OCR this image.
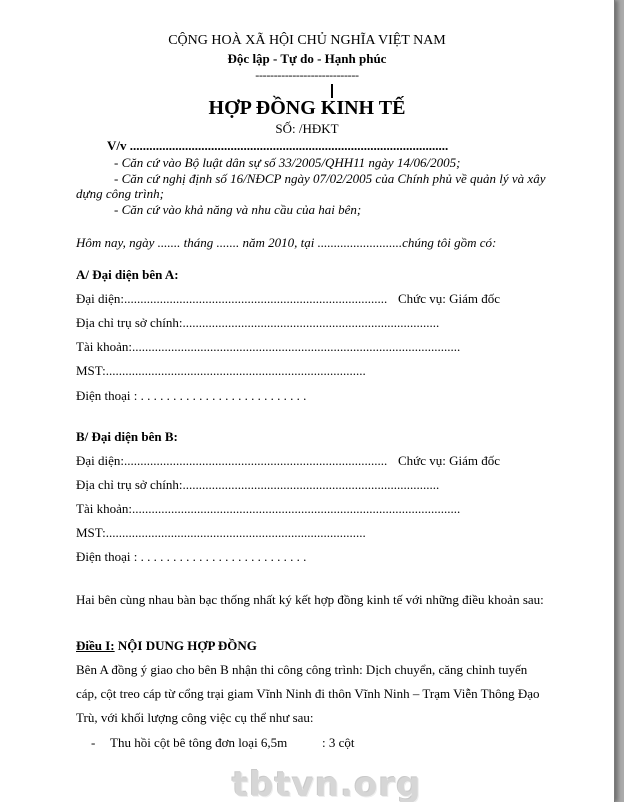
CỘNG HOÀ XÃ HỘI CHỦ NGHĨA VIỆT NAM
Độc lập - Tự do - Hạnh phúc
----------------------------
HỢP ĐỒNG KINH TẾ
SỐ: /HĐKT
V/v ..................................................................................................
- Căn cứ vào Bộ luật dân sự số 33/2005/QHH11 ngày 14/06/2005;
- Căn cứ nghị định số 16/NĐCP ngày 07/02/2005 của Chính phủ về quản lý và xây
dựng công trình;
- Căn cứ vào khả năng và nhu cầu của hai bên;
Hôm nay, ngày ....... tháng ....... năm 2010, tại ..........................chúng tôi gồm có:
A/ Đại diện bên A:
Đại diện:................................................................................. Chức vụ: Giám đốc
Địa chỉ trụ sở chính:...............................................................................
Tài khoản:.....................................................................................................
MST:................................................................................
Điện thoại : . . . . . . . . . . . . . . . . . . . . . . . . . .
B/ Đại diện bên B:
Đại diện:................................................................................. Chức vụ: Giám đốc
Địa chỉ trụ sở chính:...............................................................................
Tài khoản:.....................................................................................................
MST:................................................................................
Điện thoại : . . . . . . . . . . . . . . . . . . . . . . . . . .
Hai bên cùng nhau bàn bạc thống nhất ký kết hợp đồng kinh tế với những điều khoản sau:
Điều I: NỘI DUNG HỢP ĐỒNG
Bên A đồng ý giao cho bên B nhận thi công công trình: Dịch chuyển, căng chỉnh tuyến
cáp, cột treo cáp từ cổng trại giam Vĩnh Ninh đi thôn Vĩnh Ninh – Trạm Viễn Thông Đạo
Trù, với khối lượng công việc cụ thể như sau:
- Thu hồi cột bê tông đơn loại 6,5m	: 3 cột
tbtvn.org
